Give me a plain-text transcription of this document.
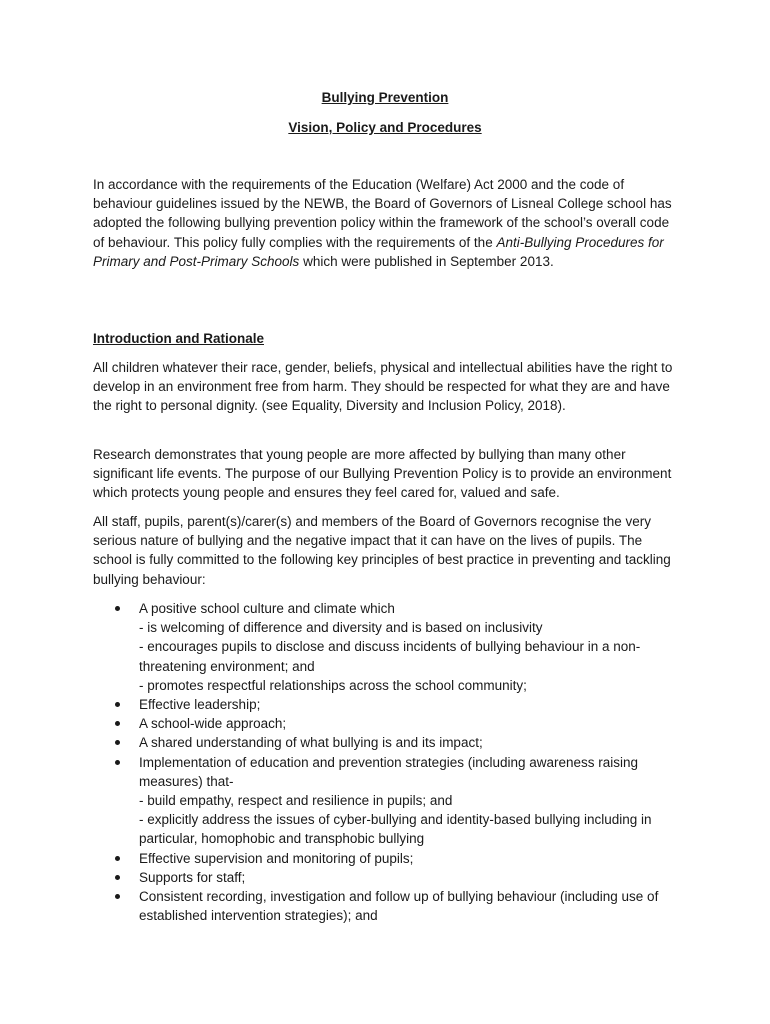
Bullying Prevention
Vision, Policy and Procedures

In accordance with the requirements of the Education (Welfare) Act 2000 and the code of behaviour guidelines issued by the NEWB, the Board of Governors of Lisneal College school has adopted the following bullying prevention policy within the framework of the school’s overall code of behaviour. This policy fully complies with the requirements of the Anti-Bullying Procedures for Primary and Post-Primary Schools which were published in September 2013.

Introduction and Rationale

All children whatever their race, gender, beliefs, physical and intellectual abilities have the right to develop in an environment free from harm. They should be respected for what they are and have the right to personal dignity. (see Equality, Diversity and Inclusion Policy, 2018).

Research demonstrates that young people are more affected by bullying than many other significant life events. The purpose of our Bullying Prevention Policy is to provide an environment which protects young people and ensures they feel cared for, valued and safe.

All staff, pupils, parent(s)/carer(s) and members of the Board of Governors recognise the very serious nature of bullying and the negative impact that it can have on the lives of pupils. The school is fully committed to the following key principles of best practice in preventing and tackling bullying behaviour:

A positive school culture and climate which
- is welcoming of difference and diversity and is based on inclusivity
- encourages pupils to disclose and discuss incidents of bullying behaviour in a non-threatening environment; and
- promotes respectful relationships across the school community;
Effective leadership;
A school-wide approach;
A shared understanding of what bullying is and its impact;
Implementation of education and prevention strategies (including awareness raising measures) that-
- build empathy, respect and resilience in pupils; and
- explicitly address the issues of cyber-bullying and identity-based bullying including in particular, homophobic and transphobic bullying
Effective supervision and monitoring of pupils;
Supports for staff;
Consistent recording, investigation and follow up of bullying behaviour (including use of established intervention strategies); and
